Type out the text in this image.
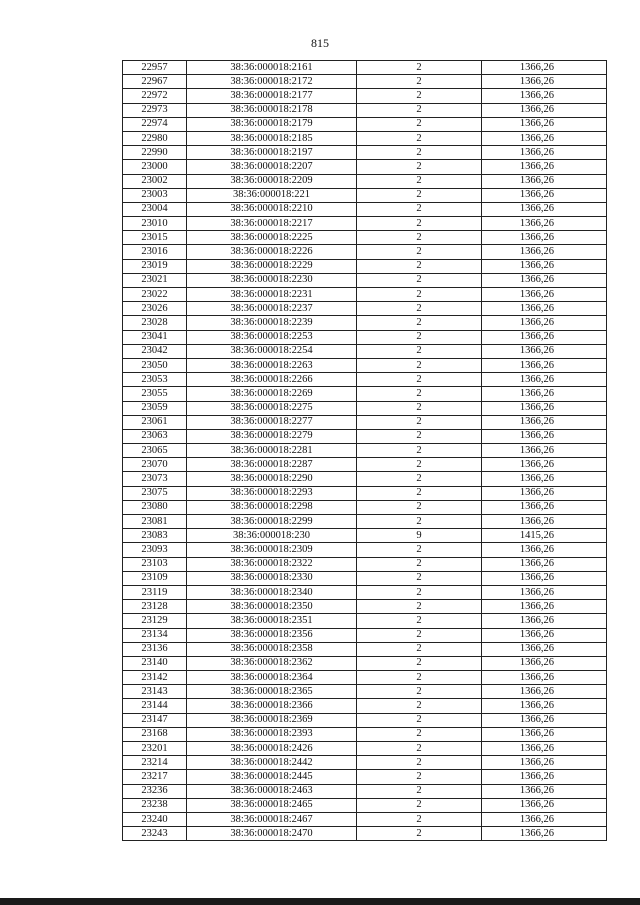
815
22957	38:36:000018:2161	2	1366,26
22967	38:36:000018:2172	2	1366,26
22972	38:36:000018:2177	2	1366,26
22973	38:36:000018:2178	2	1366,26
22974	38:36:000018:2179	2	1366,26
22980	38:36:000018:2185	2	1366,26
22990	38:36:000018:2197	2	1366,26
23000	38:36:000018:2207	2	1366,26
23002	38:36:000018:2209	2	1366,26
23003	38:36:000018:221	2	1366,26
23004	38:36:000018:2210	2	1366,26
23010	38:36:000018:2217	2	1366,26
23015	38:36:000018:2225	2	1366,26
23016	38:36:000018:2226	2	1366,26
23019	38:36:000018:2229	2	1366,26
23021	38:36:000018:2230	2	1366,26
23022	38:36:000018:2231	2	1366,26
23026	38:36:000018:2237	2	1366,26
23028	38:36:000018:2239	2	1366,26
23041	38:36:000018:2253	2	1366,26
23042	38:36:000018:2254	2	1366,26
23050	38:36:000018:2263	2	1366,26
23053	38:36:000018:2266	2	1366,26
23055	38:36:000018:2269	2	1366,26
23059	38:36:000018:2275	2	1366,26
23061	38:36:000018:2277	2	1366,26
23063	38:36:000018:2279	2	1366,26
23065	38:36:000018:2281	2	1366,26
23070	38:36:000018:2287	2	1366,26
23073	38:36:000018:2290	2	1366,26
23075	38:36:000018:2293	2	1366,26
23080	38:36:000018:2298	2	1366,26
23081	38:36:000018:2299	2	1366,26
23083	38:36:000018:230	9	1415,26
23093	38:36:000018:2309	2	1366,26
23103	38:36:000018:2322	2	1366,26
23109	38:36:000018:2330	2	1366,26
23119	38:36:000018:2340	2	1366,26
23128	38:36:000018:2350	2	1366,26
23129	38:36:000018:2351	2	1366,26
23134	38:36:000018:2356	2	1366,26
23136	38:36:000018:2358	2	1366,26
23140	38:36:000018:2362	2	1366,26
23142	38:36:000018:2364	2	1366,26
23143	38:36:000018:2365	2	1366,26
23144	38:36:000018:2366	2	1366,26
23147	38:36:000018:2369	2	1366,26
23168	38:36:000018:2393	2	1366,26
23201	38:36:000018:2426	2	1366,26
23214	38:36:000018:2442	2	1366,26
23217	38:36:000018:2445	2	1366,26
23236	38:36:000018:2463	2	1366,26
23238	38:36:000018:2465	2	1366,26
23240	38:36:000018:2467	2	1366,26
23243	38:36:000018:2470	2	1366,26
